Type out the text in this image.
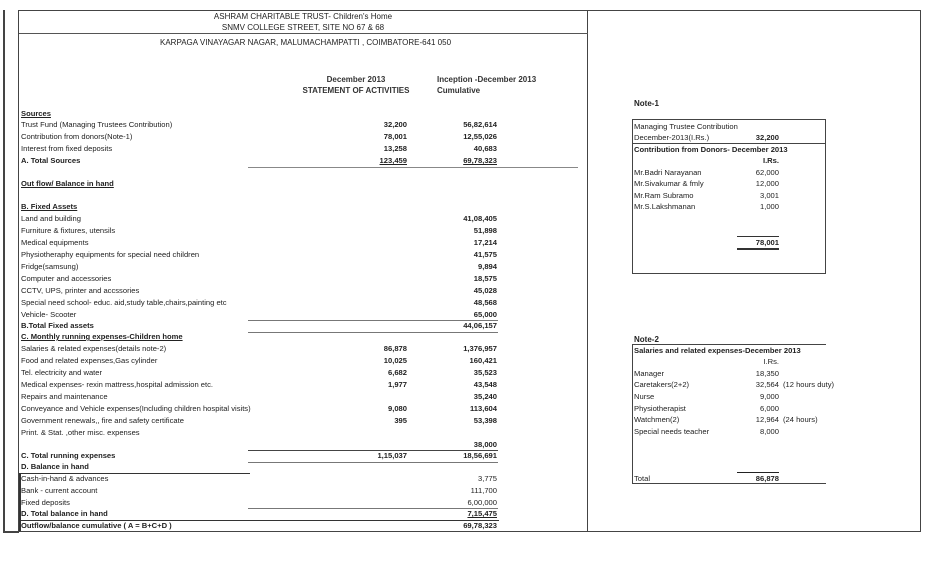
ASHRAM CHARITABLE TRUST- Children's Home
SNMV COLLEGE STREET, SITE NO 67 & 68
KARPAGA VINAYAGAR NAGAR, MALUMACHAMPATTI , COIMBATORE-641 050
December 2013
STATEMENT OF ACTIVITIES
Inception -December 2013
Cumulative
Sources
Trust Fund (Managing Trustees Contribution)	32,200	56,82,614
Contribution from donors(Note-1)	78,001	12,55,026
Interest from fixed deposits	13,258	40,683
A. Total Sources	123,459	69,78,323
Out flow/ Balance in hand
B. Fixed Assets
Land and building	41,08,405
Furniture & fixtures, utensils	51,898
Medical equipments	17,214
Physiotheraphy equipments for special need children	41,575
Fridge(samsung)	9,894
Computer and accessories	18,575
CCTV, UPS, printer and accssories	45,028
Special need school- educ. aid,study table,chairs,painting etc	48,568
Vehicle- Scooter	65,000
B.Total Fixed assets	44,06,157
C. Monthly running expenses-Children home
Salaries & related expenses(details note-2)	86,878	1,376,957
Food and related expenses,Gas cylinder	10,025	160,421
Tel. electricity and water	6,682	35,523
Medical expenses- rexin mattress,hospital admission etc.	1,977	43,548
Repairs and maintenance	35,240
Conveyance and Vehicle expenses(Including children hospital visits)	9,080	113,604
Government renewals,, fire and safety certificate	395	53,398
Print. & Stat. ,other misc. expenses
38,000
C. Total running expenses	1,15,037	18,56,691
D. Balance in hand
Cash-in-hand & advances	3,775
Bank - current account	111,700
Fixed deposits	6,00,000
D. Total balance in hand	7,15,475
Outflow/balance cumulative ( A = B+C+D )	69,78,323
Note-1
Managing Trustee Contribution
December-2013(I.Rs.)	32,200
Contribution from Donors- December 2013
I.Rs.
Mr.Badri Narayanan	62,000
Mr.Sivakumar & fmly	12,000
Mr.Ram Subramo	3,001
Mr.S.Lakshmanan	1,000
78,001
Note-2
Salaries and related expenses-December 2013
I.Rs.
Manager	18,350
Caretakers(2+2)	32,564 (12 hours duty)
Nurse	9,000
Physiotherapist	6,000
Watchmen(2)	12,964 (24 hours)
Special needs teacher	8,000
Total	86,878
